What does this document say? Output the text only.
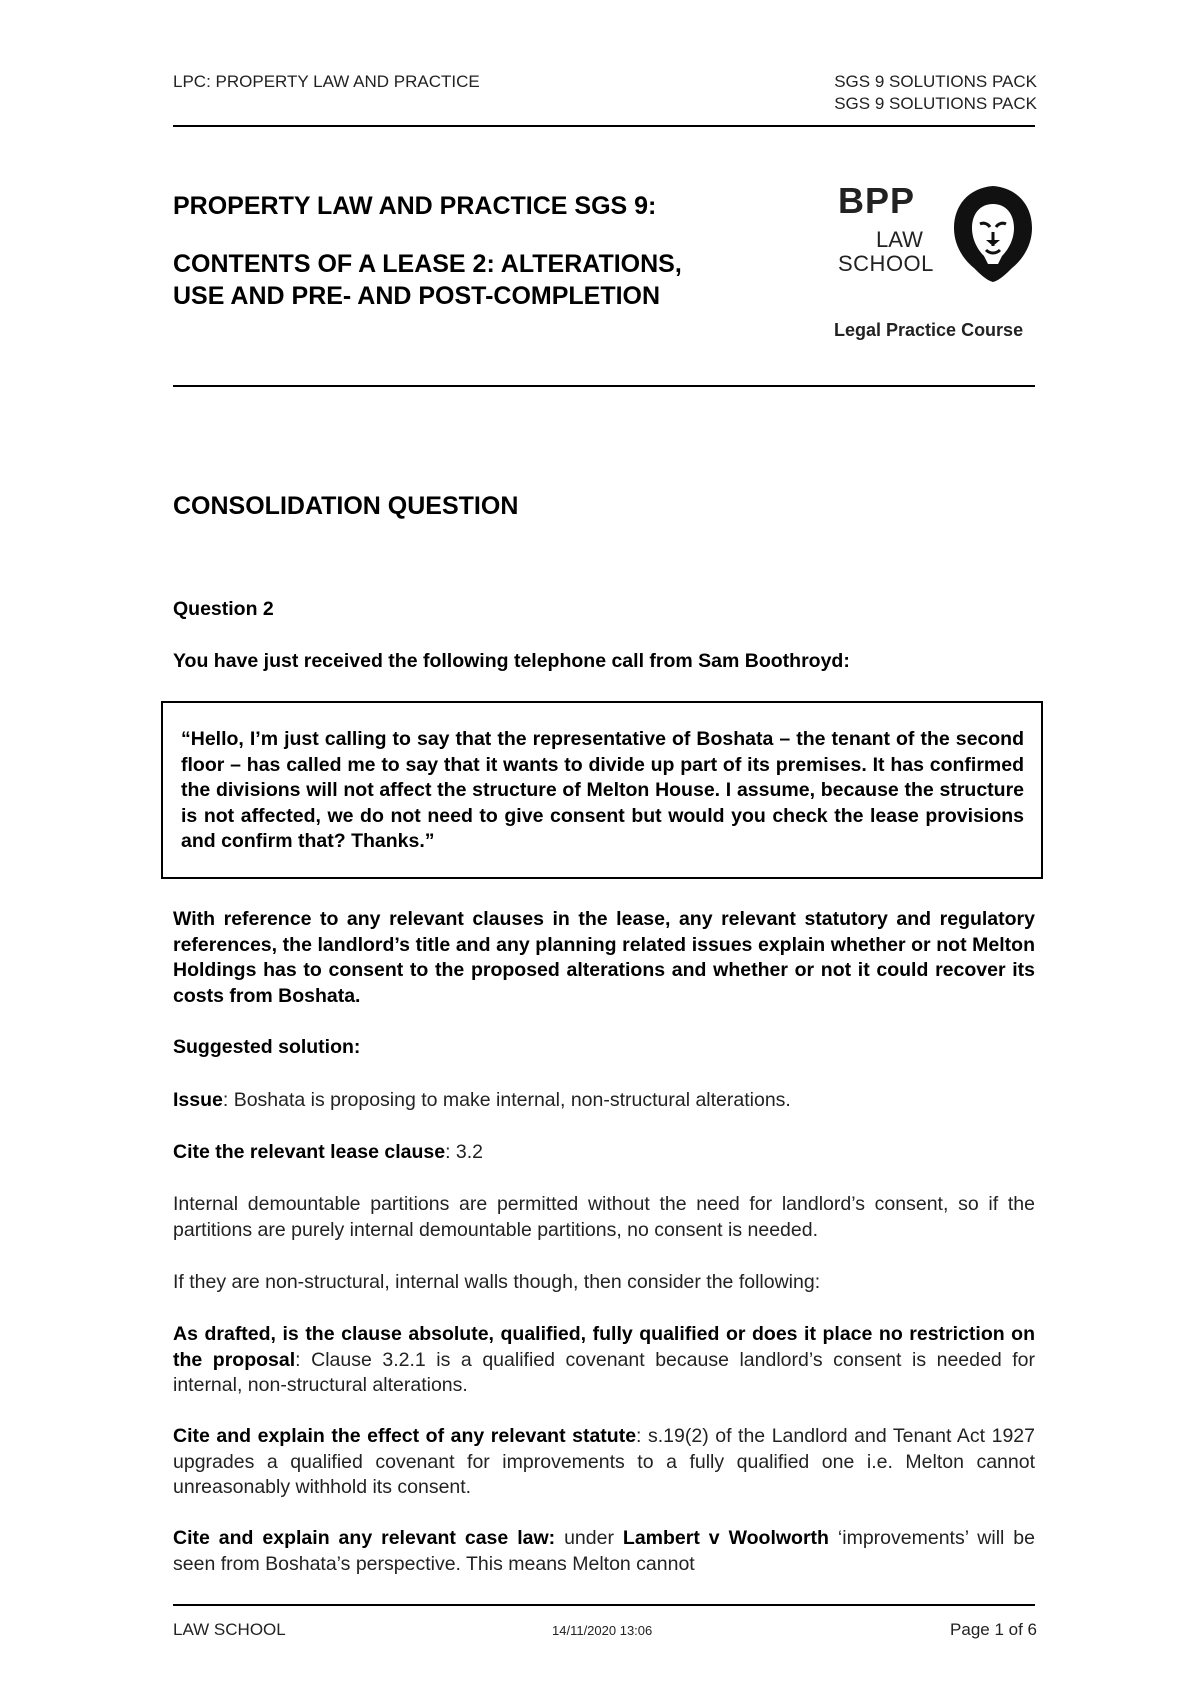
LPC: PROPERTY LAW AND PRACTICE	SGS 9 SOLUTIONS PACK
SGS 9 SOLUTIONS PACK
PROPERTY LAW AND PRACTICE SGS 9:
CONTENTS OF A LEASE 2: ALTERATIONS,
USE AND PRE- AND POST-COMPLETION
BPP
LAW
SCHOOL
Legal Practice Course
CONSOLIDATION QUESTION
Question 2
You have just received the following telephone call from Sam Boothroyd:
“Hello, I’m just calling to say that the representative of Boshata – the tenant of the second floor – has called me to say that it wants to divide up part of its premises. It has confirmed the divisions will not affect the structure of Melton House. I assume, because the structure is not affected, we do not need to give consent but would you check the lease provisions and confirm that? Thanks.”
With reference to any relevant clauses in the lease, any relevant statutory and regulatory references, the landlord’s title and any planning related issues explain whether or not Melton Holdings has to consent to the proposed alterations and whether or not it could recover its costs from Boshata.
Suggested solution:
Issue: Boshata is proposing to make internal, non-structural alterations.
Cite the relevant lease clause: 3.2
Internal demountable partitions are permitted without the need for landlord’s consent, so if the partitions are purely internal demountable partitions, no consent is needed.
If they are non-structural, internal walls though, then consider the following:
As drafted, is the clause absolute, qualified, fully qualified or does it place no restriction on the proposal: Clause 3.2.1 is a qualified covenant because landlord’s consent is needed for internal, non-structural alterations.
Cite and explain the effect of any relevant statute: s.19(2) of the Landlord and Tenant Act 1927 upgrades a qualified covenant for improvements to a fully qualified one i.e. Melton cannot unreasonably withhold its consent.
Cite and explain any relevant case law: under Lambert v Woolworth ‘improvements’ will be seen from Boshata’s perspective. This means Melton cannot
LAW SCHOOL	14/11/2020 13:06	Page 1 of 6
